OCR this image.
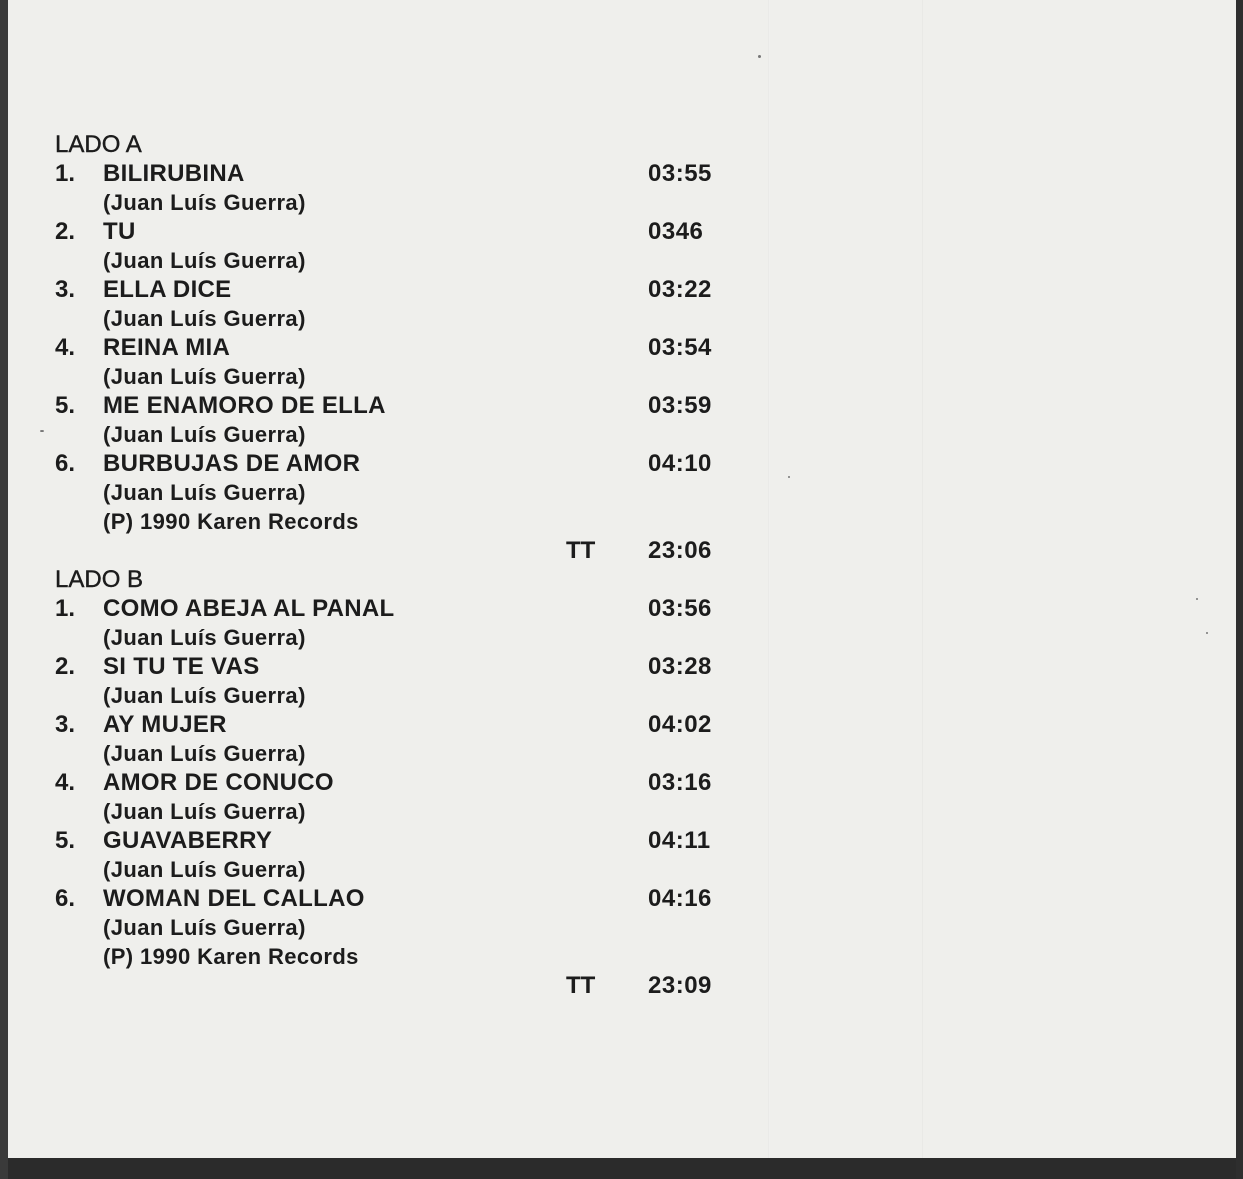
LADO A
1.	BILIRUBINA	03:55
(Juan Luís Guerra)
2.	TU	0346
(Juan Luís Guerra)
3.	ELLA DICE	03:22
(Juan Luís Guerra)
4.	REINA MIA	03:54
(Juan Luís Guerra)
5.	ME ENAMORO DE ELLA	03:59
(Juan Luís Guerra)
6.	BURBUJAS DE AMOR	04:10
(Juan Luís Guerra)
(P) 1990 Karen Records
TT 23:06
LADO B
1.	COMO ABEJA AL PANAL	03:56
(Juan Luís Guerra)
2.	SI TU TE VAS	03:28
(Juan Luís Guerra)
3.	AY MUJER	04:02
(Juan Luís Guerra)
4.	AMOR DE CONUCO	03:16
(Juan Luís Guerra)
5.	GUAVABERRY	04:11
(Juan Luís Guerra)
6.	WOMAN DEL CALLAO	04:16
(Juan Luís Guerra)
(P) 1990 Karen Records
TT 23:09
